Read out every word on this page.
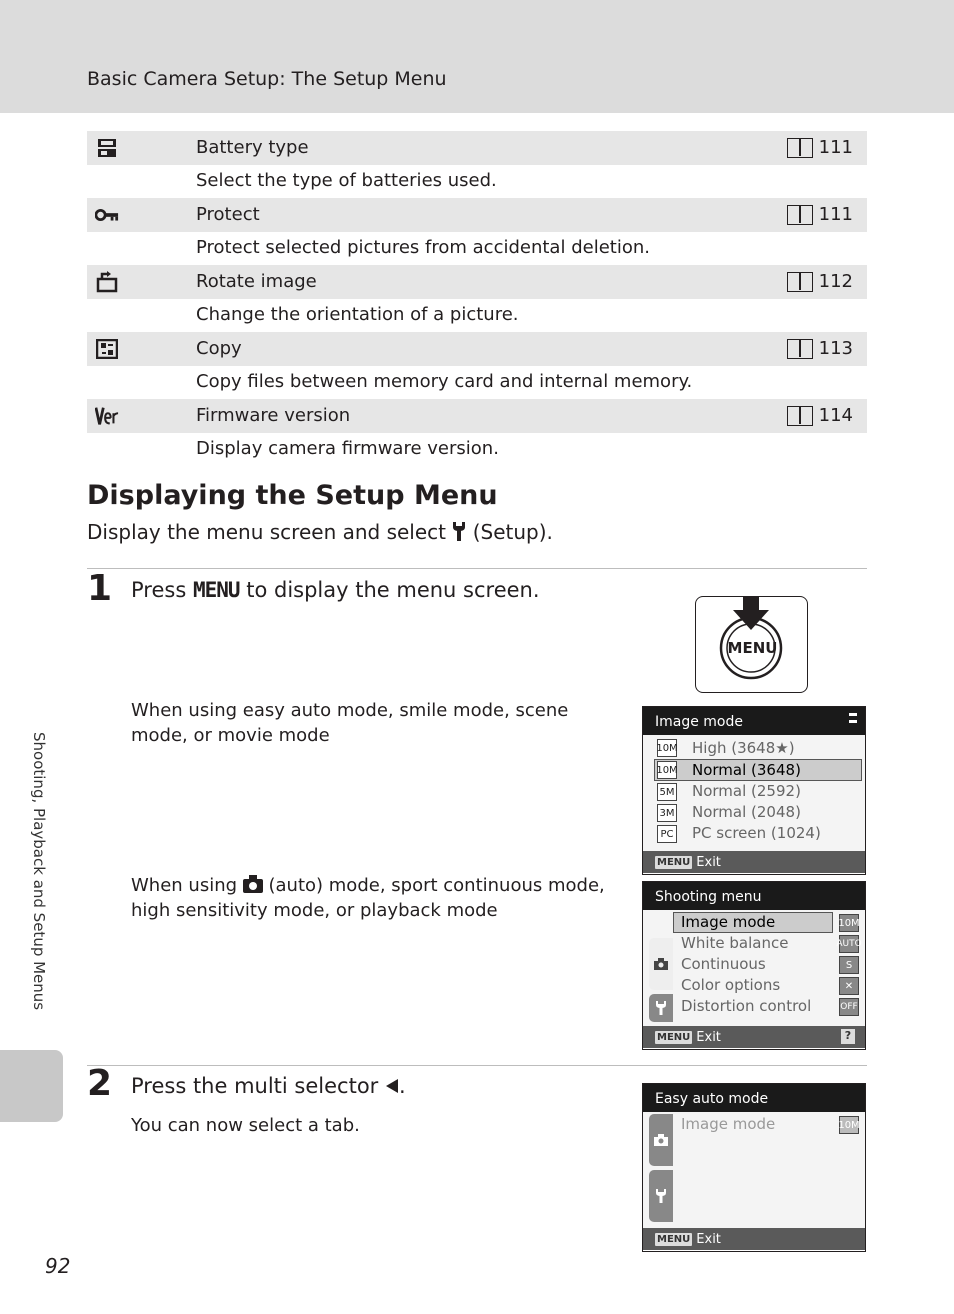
Basic Camera Setup: The Setup Menu
Battery type	111
Select the type of batteries used.
Protect	111
Protect selected pictures from accidental deletion.
Rotate image	112
Change the orientation of a picture.
Copy	113
Copy files between memory card and internal memory.
Firmware version	114
Display camera firmware version.
Displaying the Setup Menu
Display the menu screen and select (Setup).
1 Press MENU to display the menu screen.
MENU
When using easy auto mode, smile mode, scene mode, or movie mode
When using (auto) mode, sport continuous mode, high sensitivity mode, or playback mode
Image mode
10M High (3648★)
10M Normal (3648)
5M Normal (2592)
3M Normal (2048)
PC PC screen (1024)
MENU Exit
Shooting menu
Image mode
White balance
Continuous
Color options
Distortion control
10M
AUTO
S
✕
OFF
MENU Exit	?
2 Press the multi selector .
You can now select a tab.
Easy auto mode
Image mode	10M
MENU Exit
Shooting, Playback and Setup Menus
92
